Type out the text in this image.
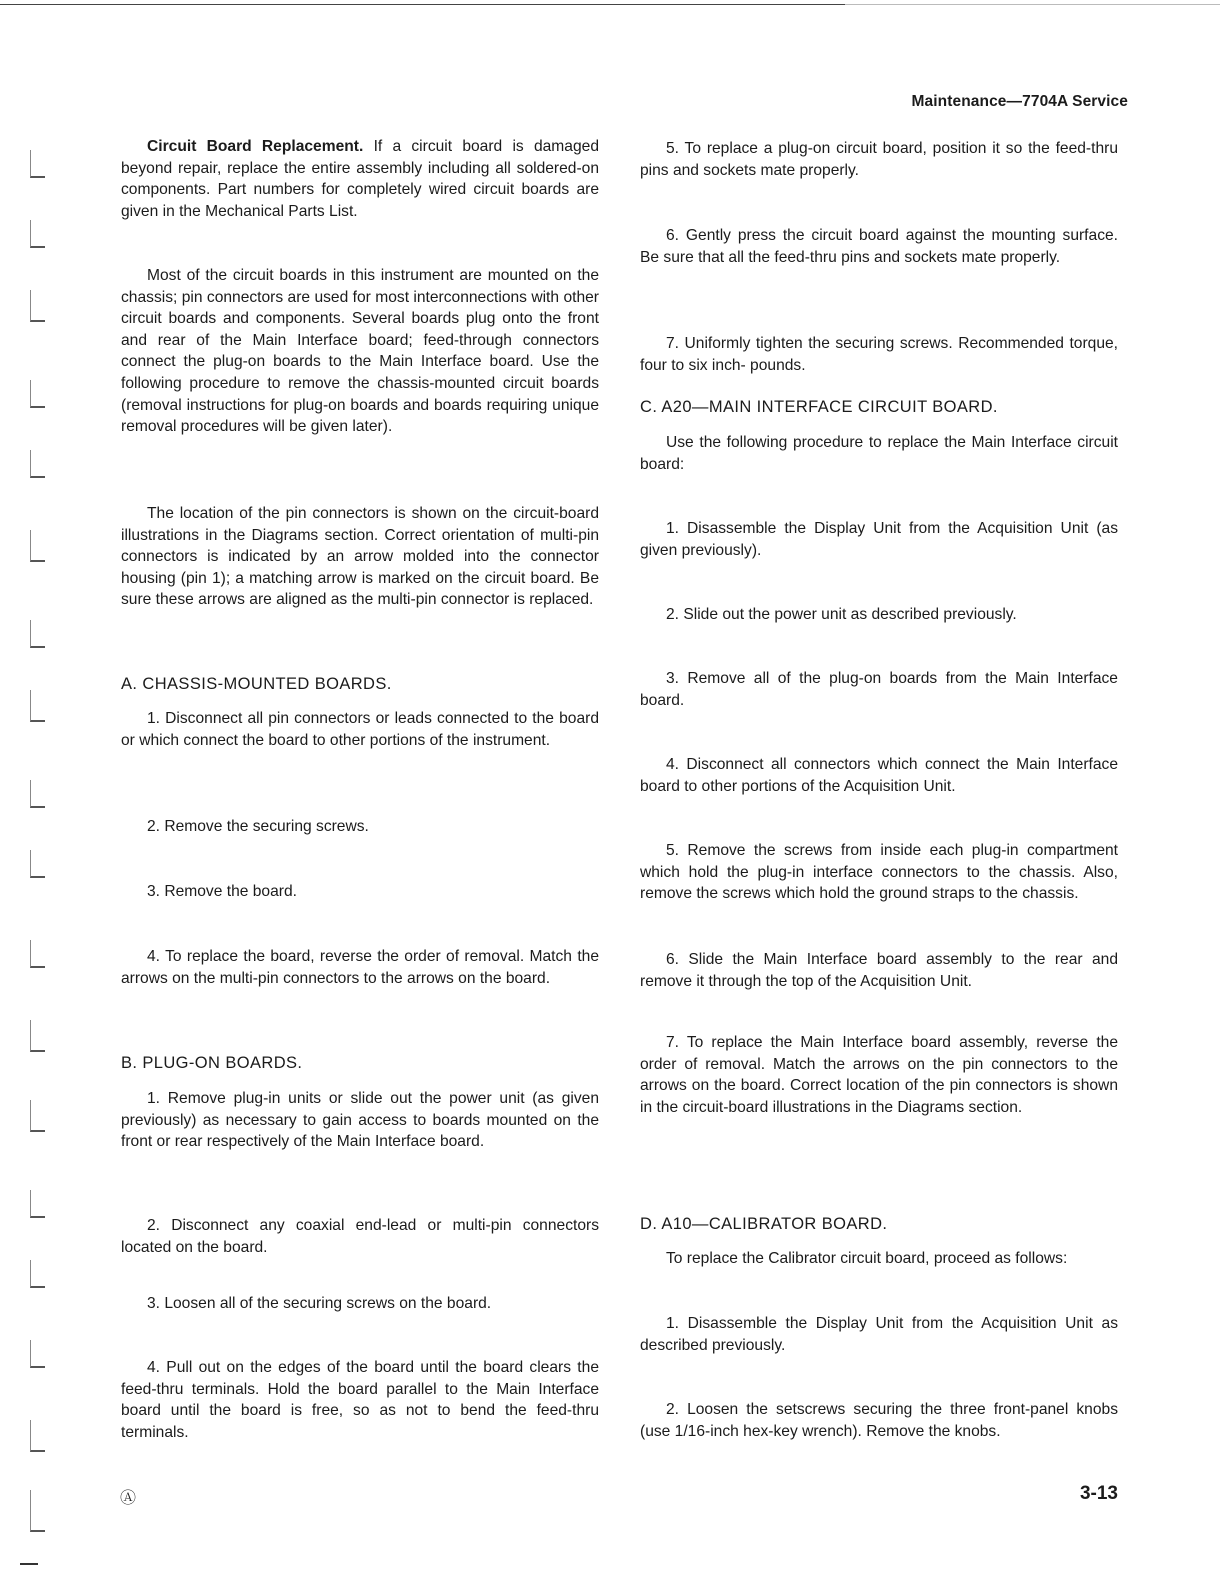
Maintenance—7704A Service

Circuit Board Replacement. If a circuit board is damaged beyond repair, replace the entire assembly including all soldered-on components. Part numbers for completely wired circuit boards are given in the Mechanical Parts List.

Most of the circuit boards in this instrument are mounted on the chassis; pin connectors are used for most interconnections with other circuit boards and components. Several boards plug onto the front and rear of the Main Interface board; feed-through connectors connect the plug-on boards to the Main Interface board. Use the following procedure to remove the chassis-mounted circuit boards (removal instructions for plug-on boards and boards requiring unique removal procedures will be given later).

The location of the pin connectors is shown on the circuit-board illustrations in the Diagrams section. Correct orientation of multi-pin connectors is indicated by an arrow molded into the connector housing (pin 1); a matching arrow is marked on the circuit board. Be sure these arrows are aligned as the multi-pin connector is replaced.

A. CHASSIS-MOUNTED BOARDS.

1. Disconnect all pin connectors or leads connected to the board or which connect the board to other portions of the instrument.

2. Remove the securing screws.

3. Remove the board.

4. To replace the board, reverse the order of removal. Match the arrows on the multi-pin connectors to the arrows on the board.

B. PLUG-ON BOARDS.

1. Remove plug-in units or slide out the power unit (as given previously) as necessary to gain access to boards mounted on the front or rear respectively of the Main Interface board.

2. Disconnect any coaxial end-lead or multi-pin connectors located on the board.

3. Loosen all of the securing screws on the board.

4. Pull out on the edges of the board until the board clears the feed-thru terminals. Hold the board parallel to the Main Interface board until the board is free, so as not to bend the feed-thru terminals.

5. To replace a plug-on circuit board, position it so the feed-thru pins and sockets mate properly.

6. Gently press the circuit board against the mounting surface. Be sure that all the feed-thru pins and sockets mate properly.

7. Uniformly tighten the securing screws. Recommended torque, four to six inch- pounds.

C. A20—MAIN INTERFACE CIRCUIT BOARD.

Use the following procedure to replace the Main Interface circuit board:

1. Disassemble the Display Unit from the Acquisition Unit (as given previously).

2. Slide out the power unit as described previously.

3. Remove all of the plug-on boards from the Main Interface board.

4. Disconnect all connectors which connect the Main Interface board to other portions of the Acquisition Unit.

5. Remove the screws from inside each plug-in compartment which hold the plug-in interface connectors to the chassis. Also, remove the screws which hold the ground straps to the chassis.

6. Slide the Main Interface board assembly to the rear and remove it through the top of the Acquisition Unit.

7. To replace the Main Interface board assembly, reverse the order of removal. Match the arrows on the pin connectors to the arrows on the board. Correct location of the pin connectors is shown in the circuit-board illustrations in the Diagrams section.

D. A10—CALIBRATOR BOARD.

To replace the Calibrator circuit board, proceed as follows:

1. Disassemble the Display Unit from the Acquisition Unit as described previously.

2. Loosen the setscrews securing the three front-panel knobs (use 1/16-inch hex-key wrench). Remove the knobs.

Ⓐ	3-13
